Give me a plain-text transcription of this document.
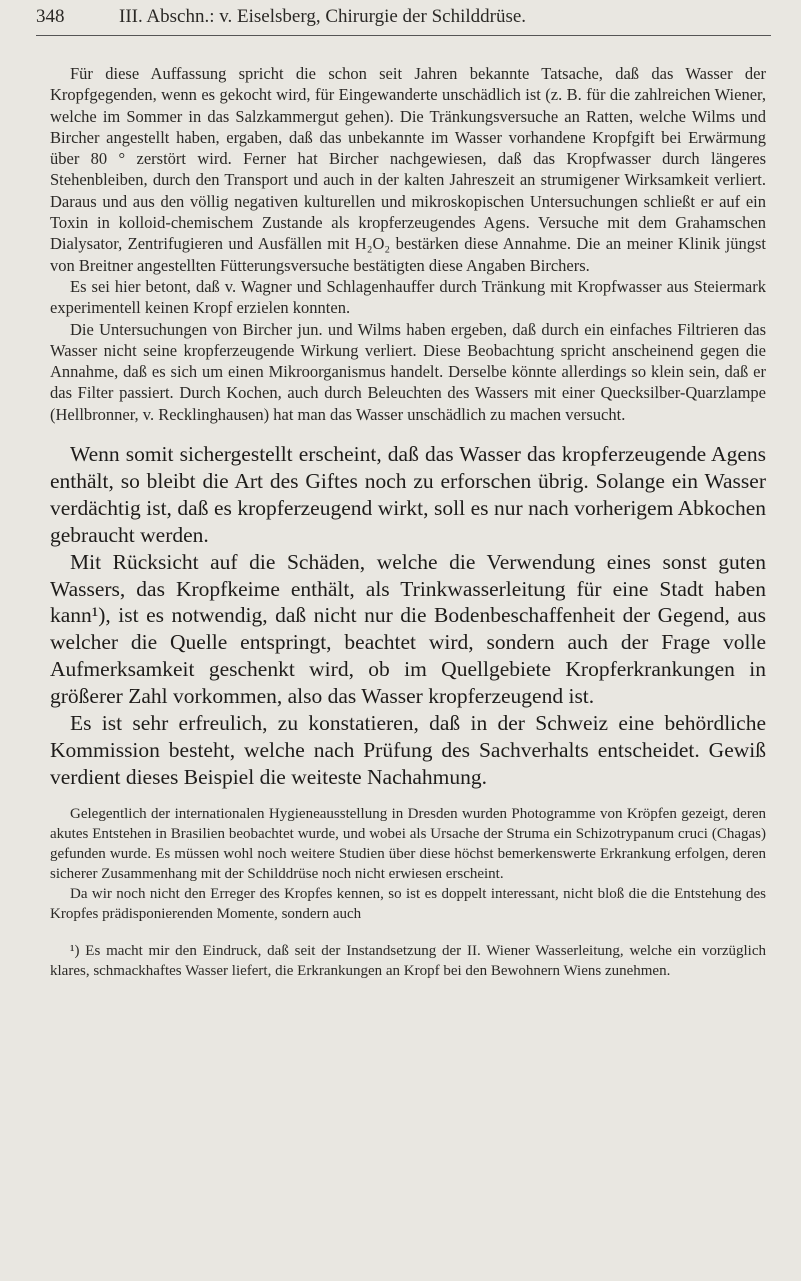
348	III. Abschn.: v. Eiselsberg, Chirurgie der Schilddrüse.

Für diese Auffassung spricht die schon seit Jahren bekannte Tatsache, daß das Wasser der Kropfgegenden, wenn es gekocht wird, für Eingewanderte unschädlich ist (z. B. für die zahlreichen Wiener, welche im Sommer in das Salzkammergut gehen). Die Tränkungsversuche an Ratten, welche Wilms und Bircher angestellt haben, ergaben, daß das unbekannte im Wasser vorhandene Kropfgift bei Erwärmung über 80 ° zerstört wird. Ferner hat Bircher nachgewiesen, daß das Kropfwasser durch längeres Stehenbleiben, durch den Transport und auch in der kalten Jahreszeit an strumigener Wirksamkeit verliert. Daraus und aus den völlig negativen kulturellen und mikroskopischen Untersuchungen schließt er auf ein Toxin in kolloid-chemischem Zustande als kropferzeugendes Agens. Versuche mit dem Grahamschen Dialysator, Zentrifugieren und Ausfällen mit H₂O₂ bestärken diese Annahme. Die an meiner Klinik jüngst von Breitner angestellten Fütterungsversuche bestätigten diese Angaben Birchers.

Es sei hier betont, daß v. Wagner und Schlagenhauffer durch Tränkung mit Kropfwasser aus Steiermark experimentell keinen Kropf erzielen konnten.

Die Untersuchungen von Bircher jun. und Wilms haben ergeben, daß durch ein einfaches Filtrieren das Wasser nicht seine kropferzeugende Wirkung verliert. Diese Beobachtung spricht anscheinend gegen die Annahme, daß es sich um einen Mikroorganismus handelt. Derselbe könnte allerdings so klein sein, daß er das Filter passiert. Durch Kochen, auch durch Beleuchten des Wassers mit einer Quecksilber-Quarzlampe (Hellbronner, v. Recklinghausen) hat man das Wasser unschädlich zu machen versucht.

Wenn somit sichergestellt erscheint, daß das Wasser das kropferzeugende Agens enthält, so bleibt die Art des Giftes noch zu erforschen übrig. Solange ein Wasser verdächtig ist, daß es kropferzeugend wirkt, soll es nur nach vorherigem Abkochen gebraucht werden.

Mit Rücksicht auf die Schäden, welche die Verwendung eines sonst guten Wassers, das Kropfkeime enthält, als Trinkwasserleitung für eine Stadt haben kann¹), ist es notwendig, daß nicht nur die Bodenbeschaffenheit der Gegend, aus welcher die Quelle entspringt, beachtet wird, sondern auch der Frage volle Aufmerksamkeit geschenkt wird, ob im Quellgebiete Kropferkrankungen in größerer Zahl vorkommen, also das Wasser kropferzeugend ist.

Es ist sehr erfreulich, zu konstatieren, daß in der Schweiz eine behördliche Kommission besteht, welche nach Prüfung des Sachverhalts entscheidet. Gewiß verdient dieses Beispiel die weiteste Nachahmung.

Gelegentlich der internationalen Hygieneausstellung in Dresden wurden Photogramme von Kröpfen gezeigt, deren akutes Entstehen in Brasilien beobachtet wurde, und wobei als Ursache der Struma ein Schizotrypanum cruci (Chagas) gefunden wurde. Es müssen wohl noch weitere Studien über diese höchst bemerkenswerte Erkrankung erfolgen, deren sicherer Zusammenhang mit der Schilddrüse noch nicht erwiesen erscheint.

Da wir noch nicht den Erreger des Kropfes kennen, so ist es doppelt interessant, nicht bloß die die Entstehung des Kropfes prädisponierenden Momente, sondern auch

¹) Es macht mir den Eindruck, daß seit der Instandsetzung der II. Wiener Wasserleitung, welche ein vorzüglich klares, schmackhaftes Wasser liefert, die Erkrankungen an Kropf bei den Bewohnern Wiens zunehmen.
